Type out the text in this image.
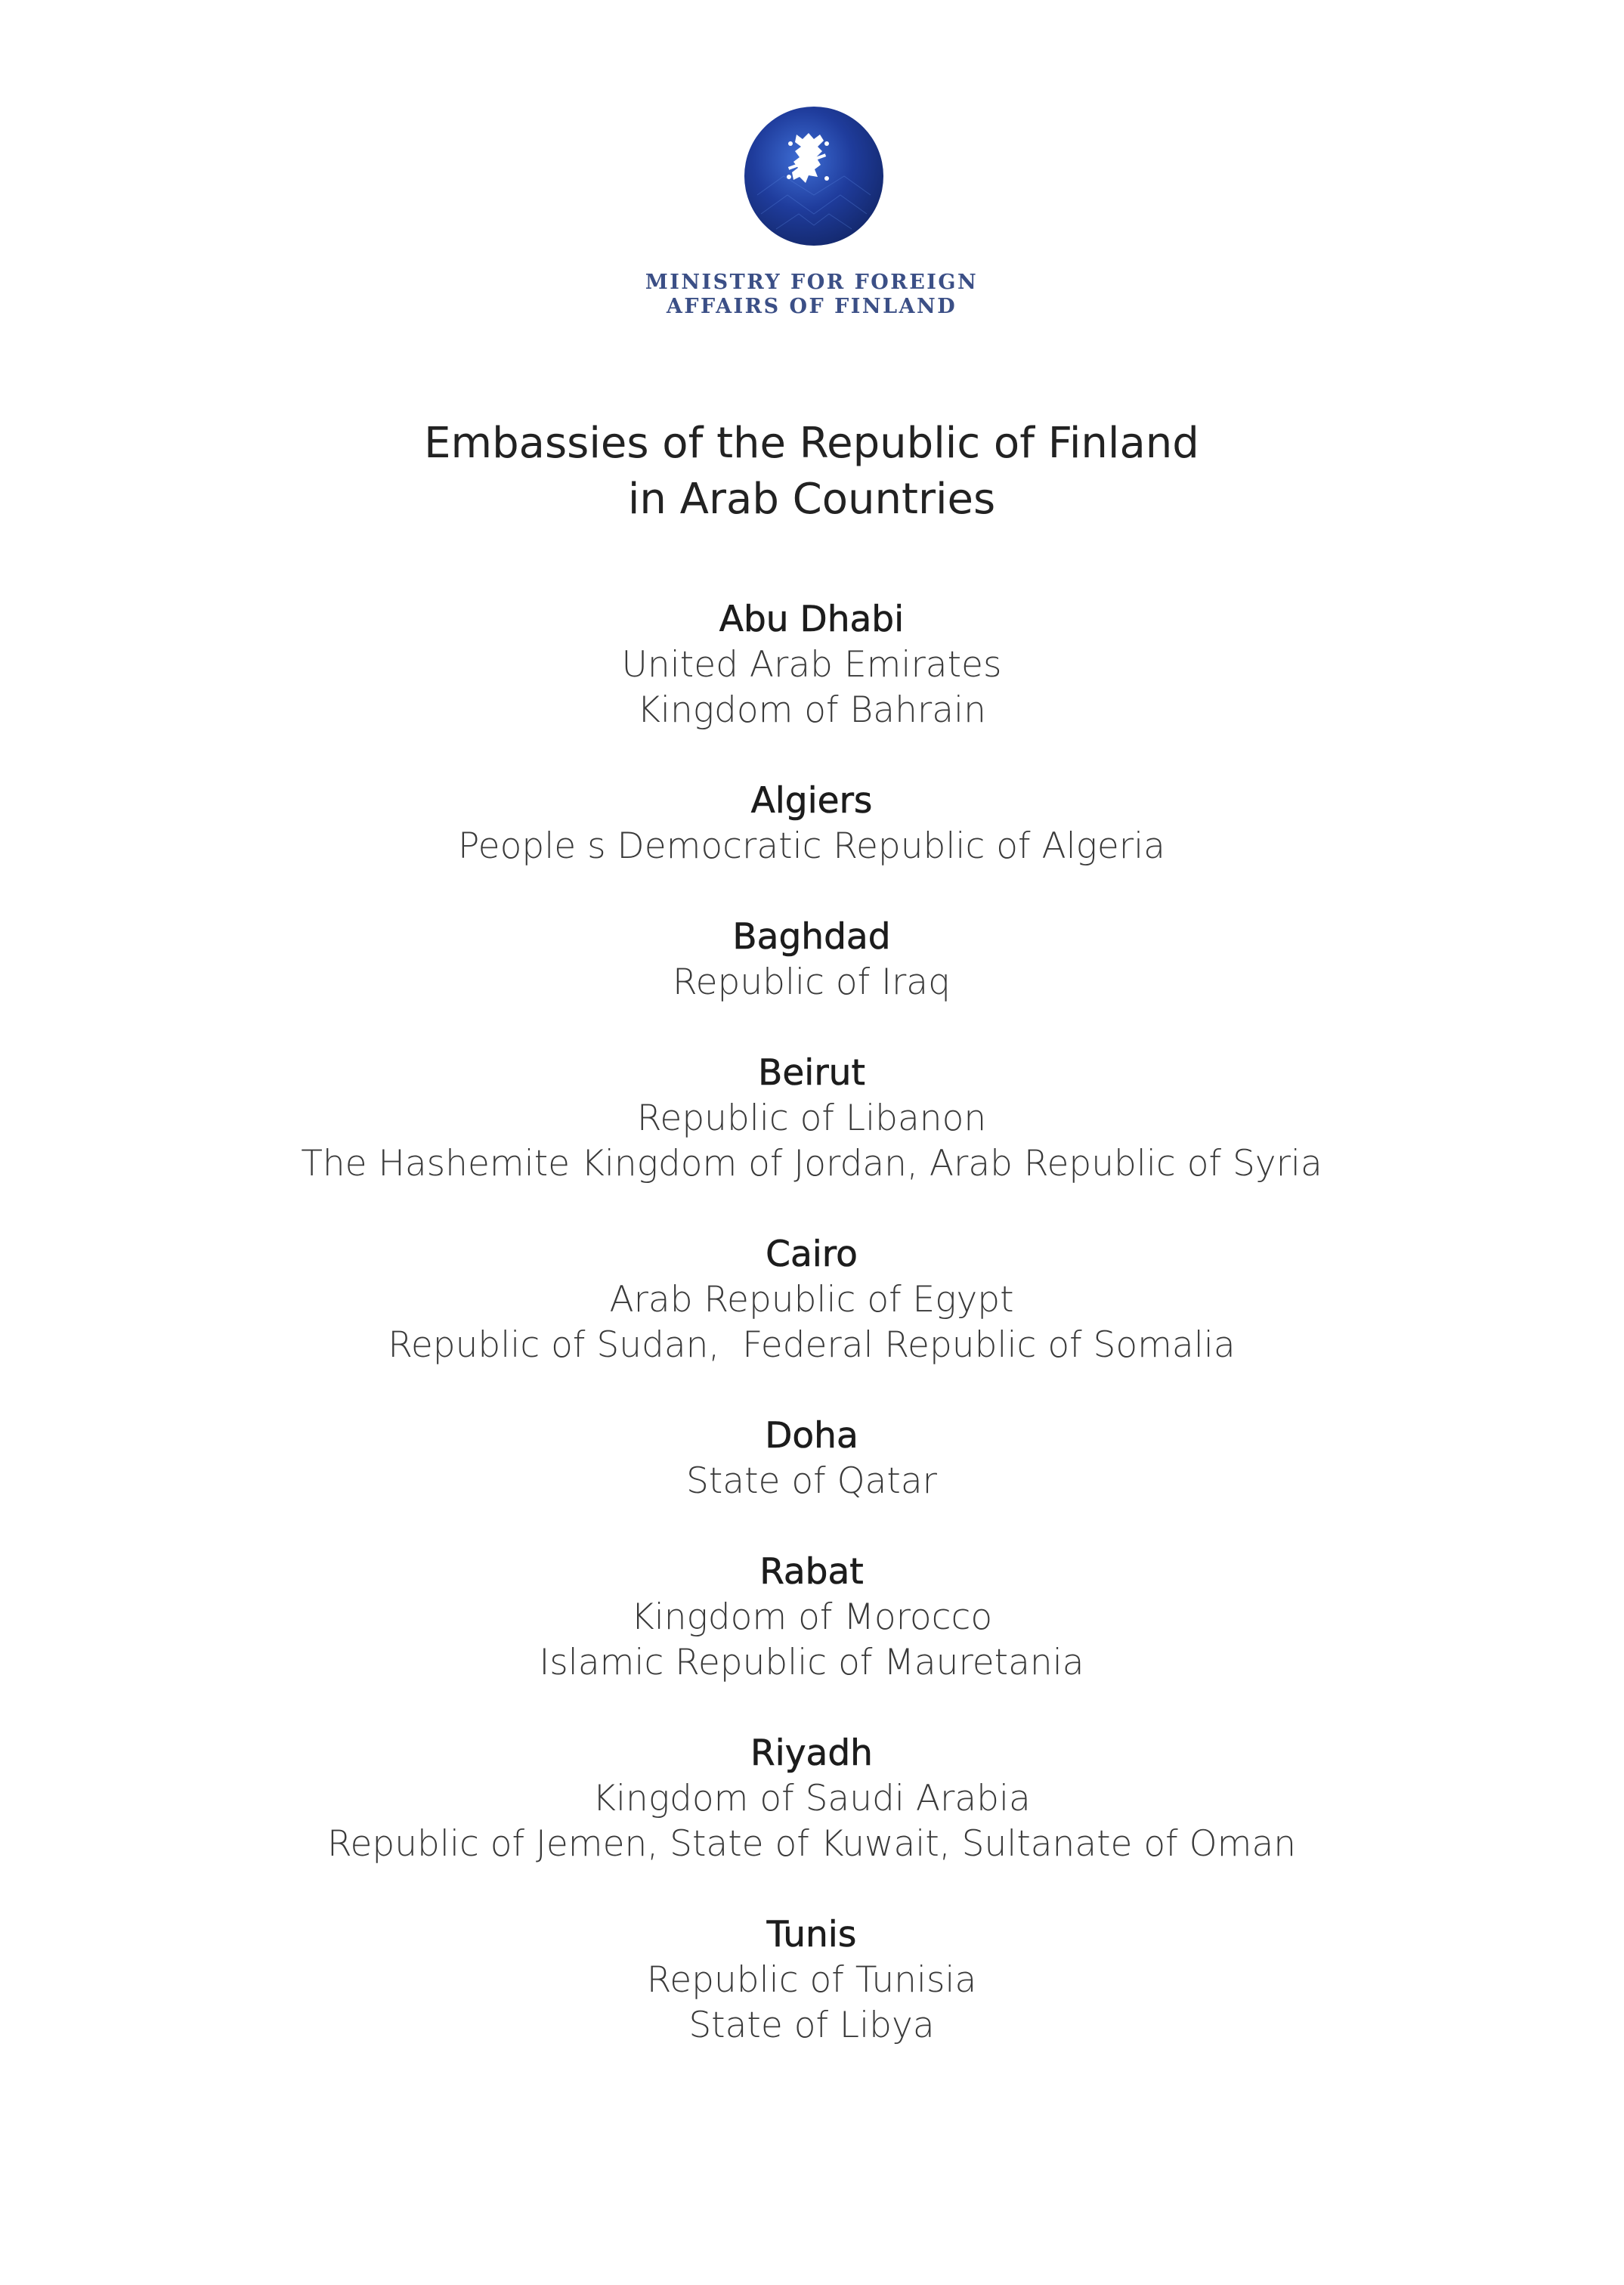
MINISTRY FOR FOREIGN
AFFAIRS OF FINLAND
Embassies of the Republic of Finland
in Arab Countries
Abu Dhabi
United Arab Emirates
Kingdom of Bahrain
Algiers
People s Democratic Republic of Algeria
Baghdad
Republic of Iraq
Beirut
Republic of Libanon
The Hashemite Kingdom of Jordan, Arab Republic of Syria
Cairo
Arab Republic of Egypt
Republic of Sudan,  Federal Republic of Somalia
Doha
State of Qatar
Rabat
Kingdom of Morocco
Islamic Republic of Mauretania
Riyadh
Kingdom of Saudi Arabia
Republic of Jemen, State of Kuwait, Sultanate of Oman
Tunis
Republic of Tunisia
State of Libya
